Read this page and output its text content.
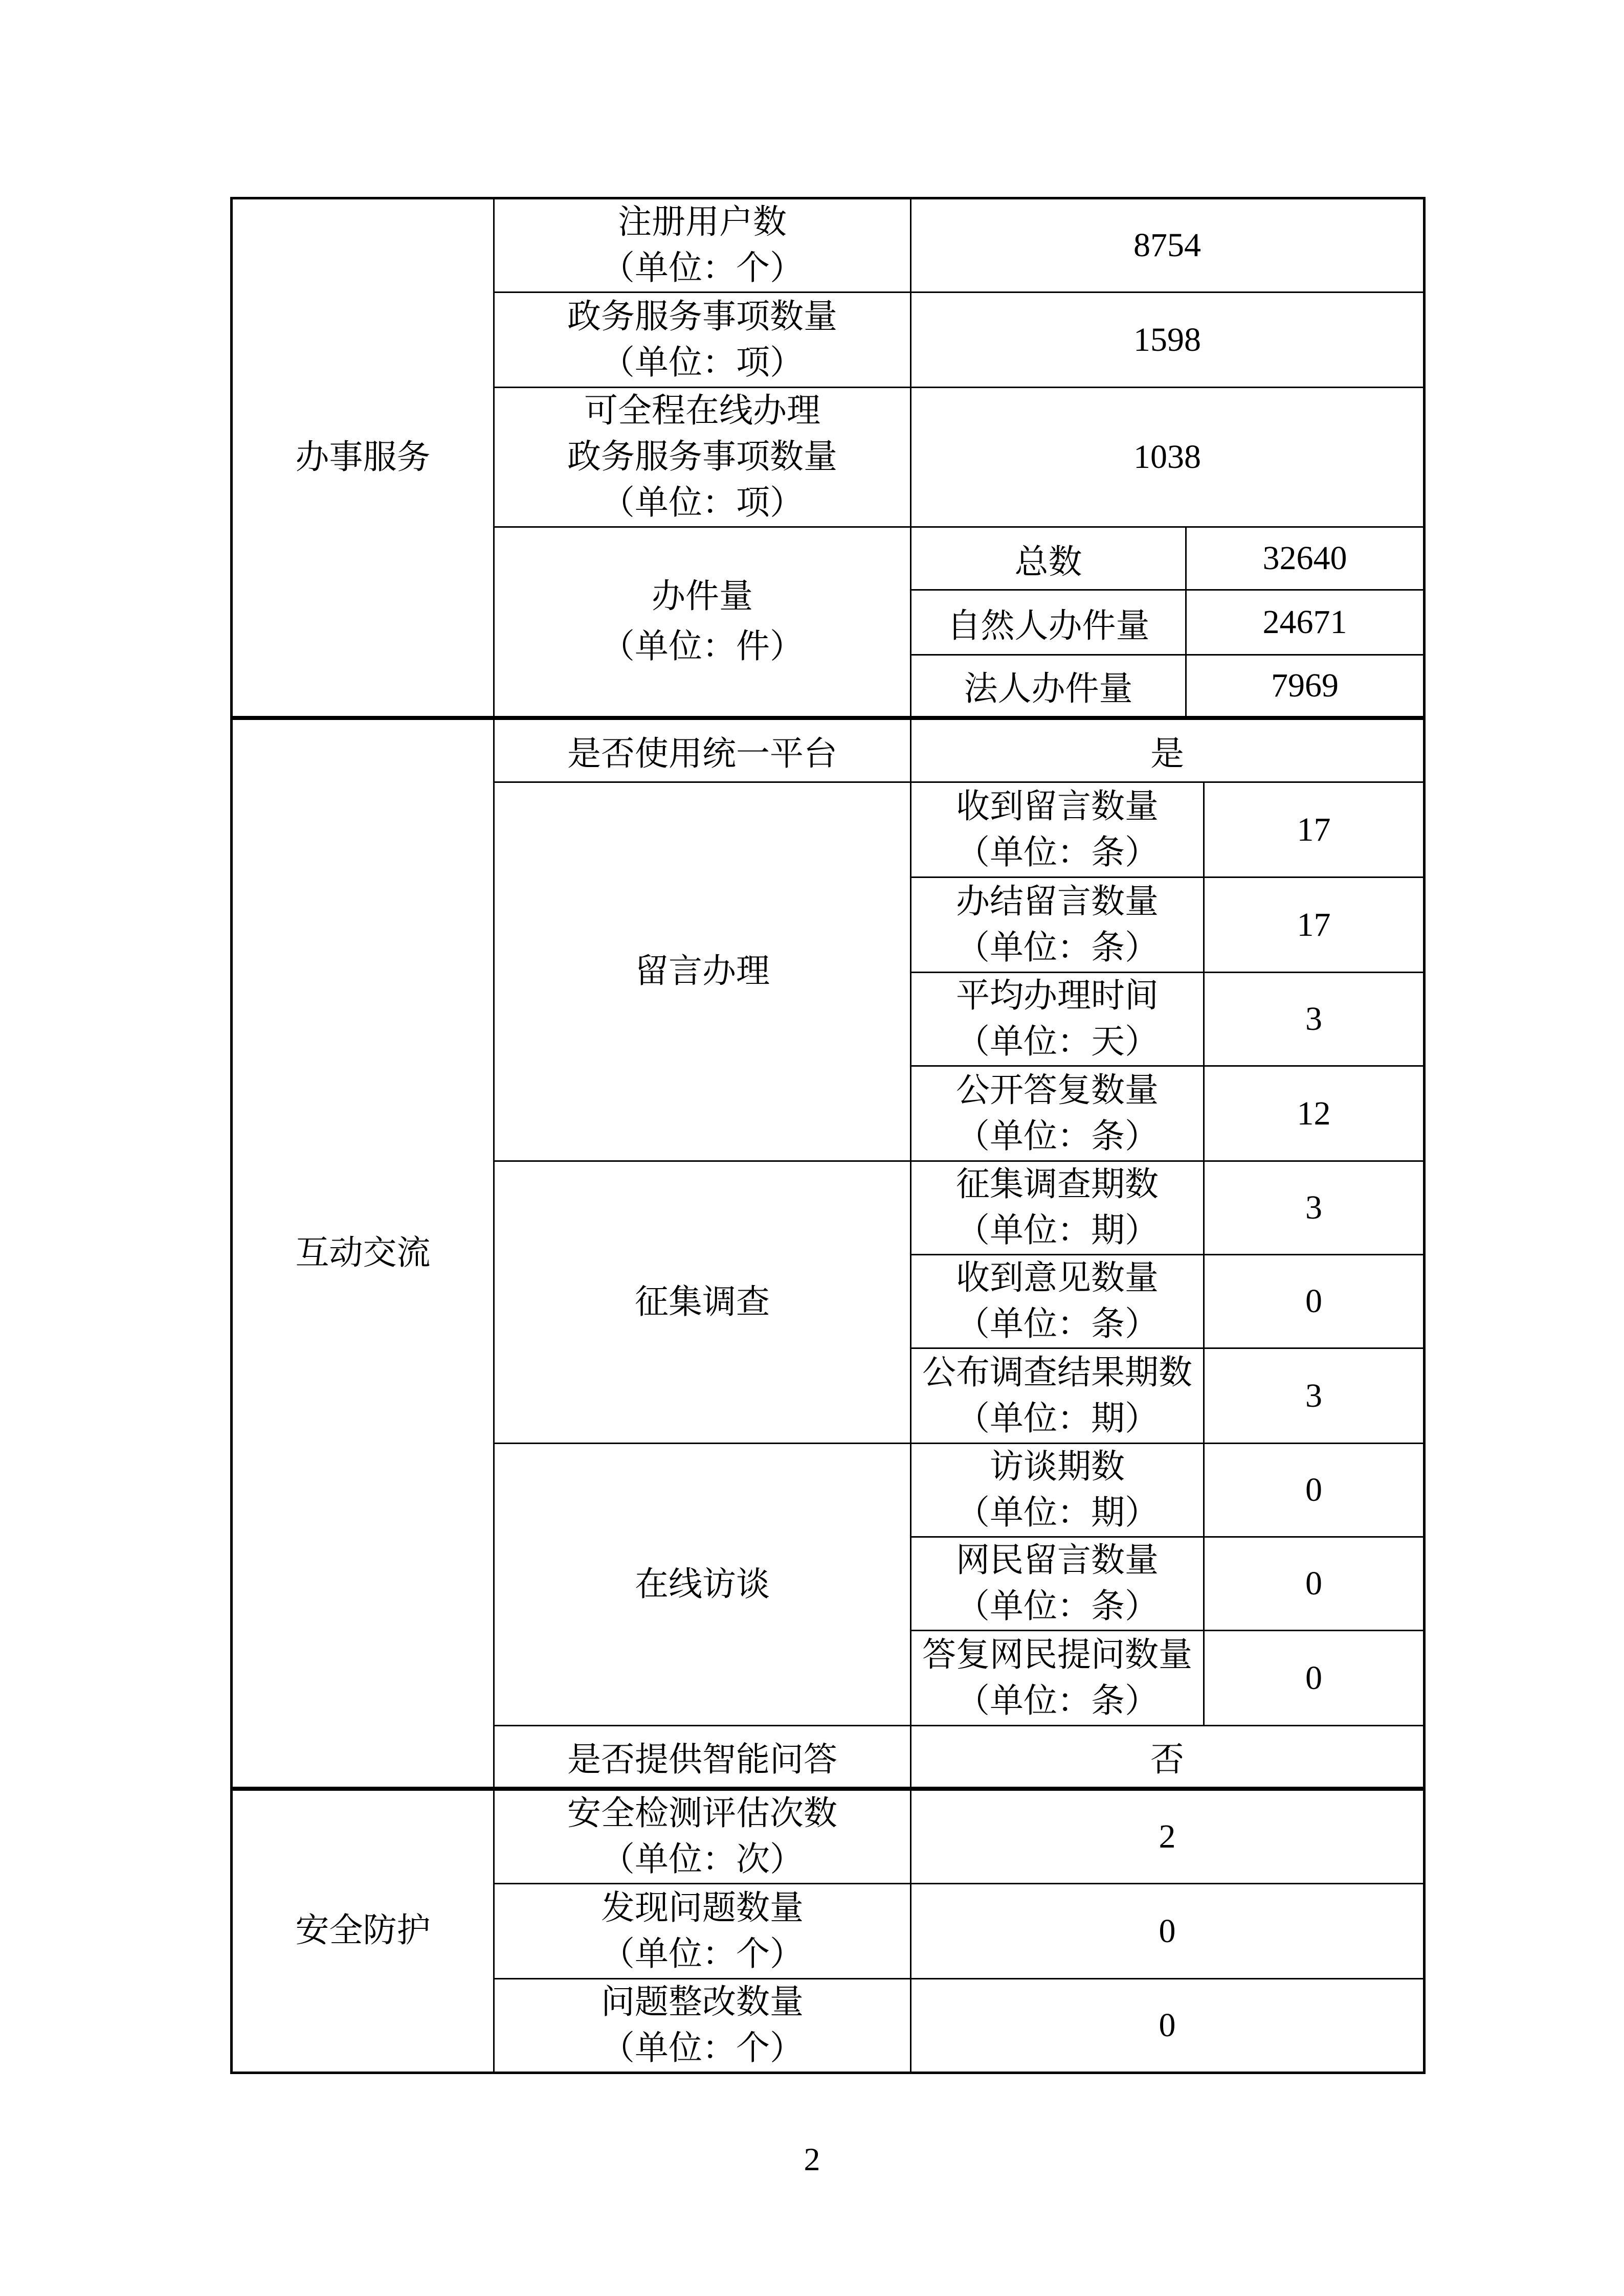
办事服务	注册用户数
（单位：个）	8754		

	政务服务事项数量
（单位：项）	1598		

	可全程在线办理
政务服务事项数量
（单位：项）	1038		

	办件量
（单位：件）	总数	32640	
		自然人办件量	24671	
		法人办件量	7969	

互动交流	是否使用统一平台	是		

	留言办理	收到留言数量
（单位：条）		17

		办结留言数量
（单位：条）		17

		平均办理时间
（单位：天）		3

		公开答复数量
（单位：条）		12

	征集调查	征集调查期数
（单位：期）		3

		收到意见数量
（单位：条）		0

		公布调查结果期数
（单位：期）		3

	在线访谈	访谈期数
（单位：期）		0

		网民留言数量
（单位：条）		0

		答复网民提问数量
（单位：条）		0
	是否提供智能问答	否		

安全防护	安全检测评估次数
（单位：次）	2		

	发现问题数量
（单位：个）	0		

	问题整改数量
（单位：个）	0		
2
